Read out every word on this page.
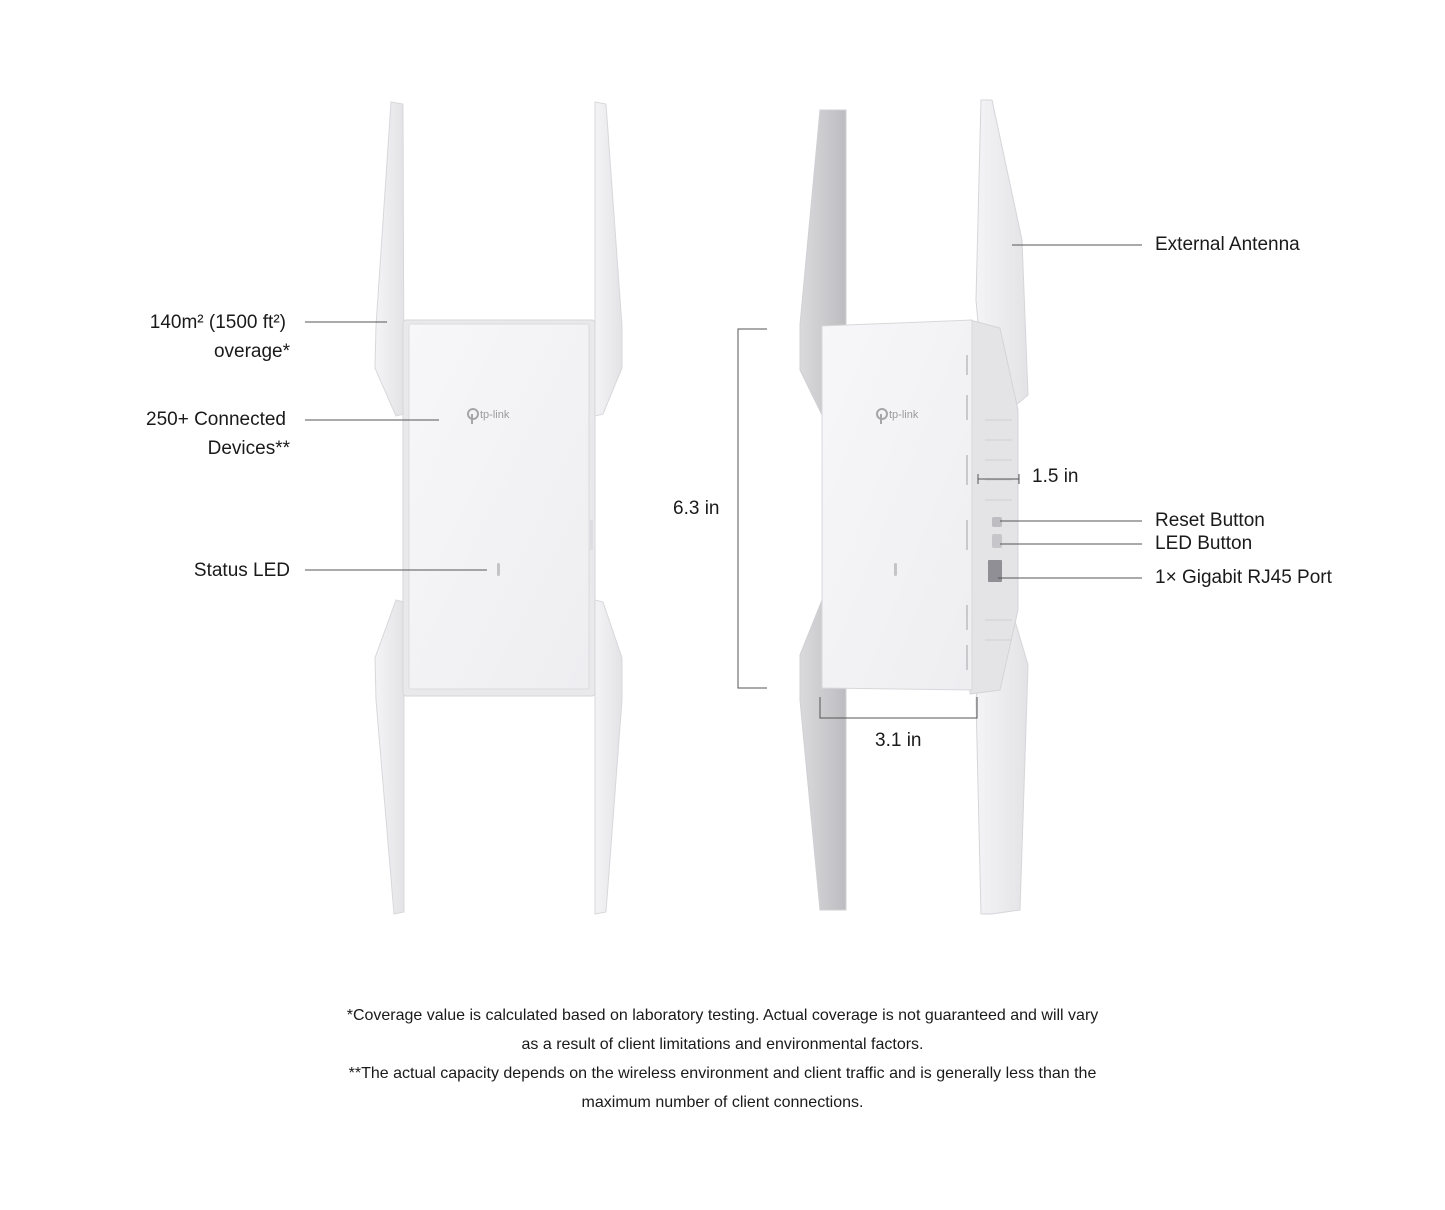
tp-link	tp-link
140m² (1500 ft²)
overage*
250+ Connected
Devices**
Status LED
6.3 in
3.1 in
1.5 in
External Antenna
Reset Button
LED Button
1× Gigabit RJ45 Port
*Coverage value is calculated based on laboratory testing. Actual coverage is not guaranteed and will vary
as a result of client limitations and environmental factors.
**The actual capacity depends on the wireless environment and client traffic and is generally less than the
maximum number of client connections.
